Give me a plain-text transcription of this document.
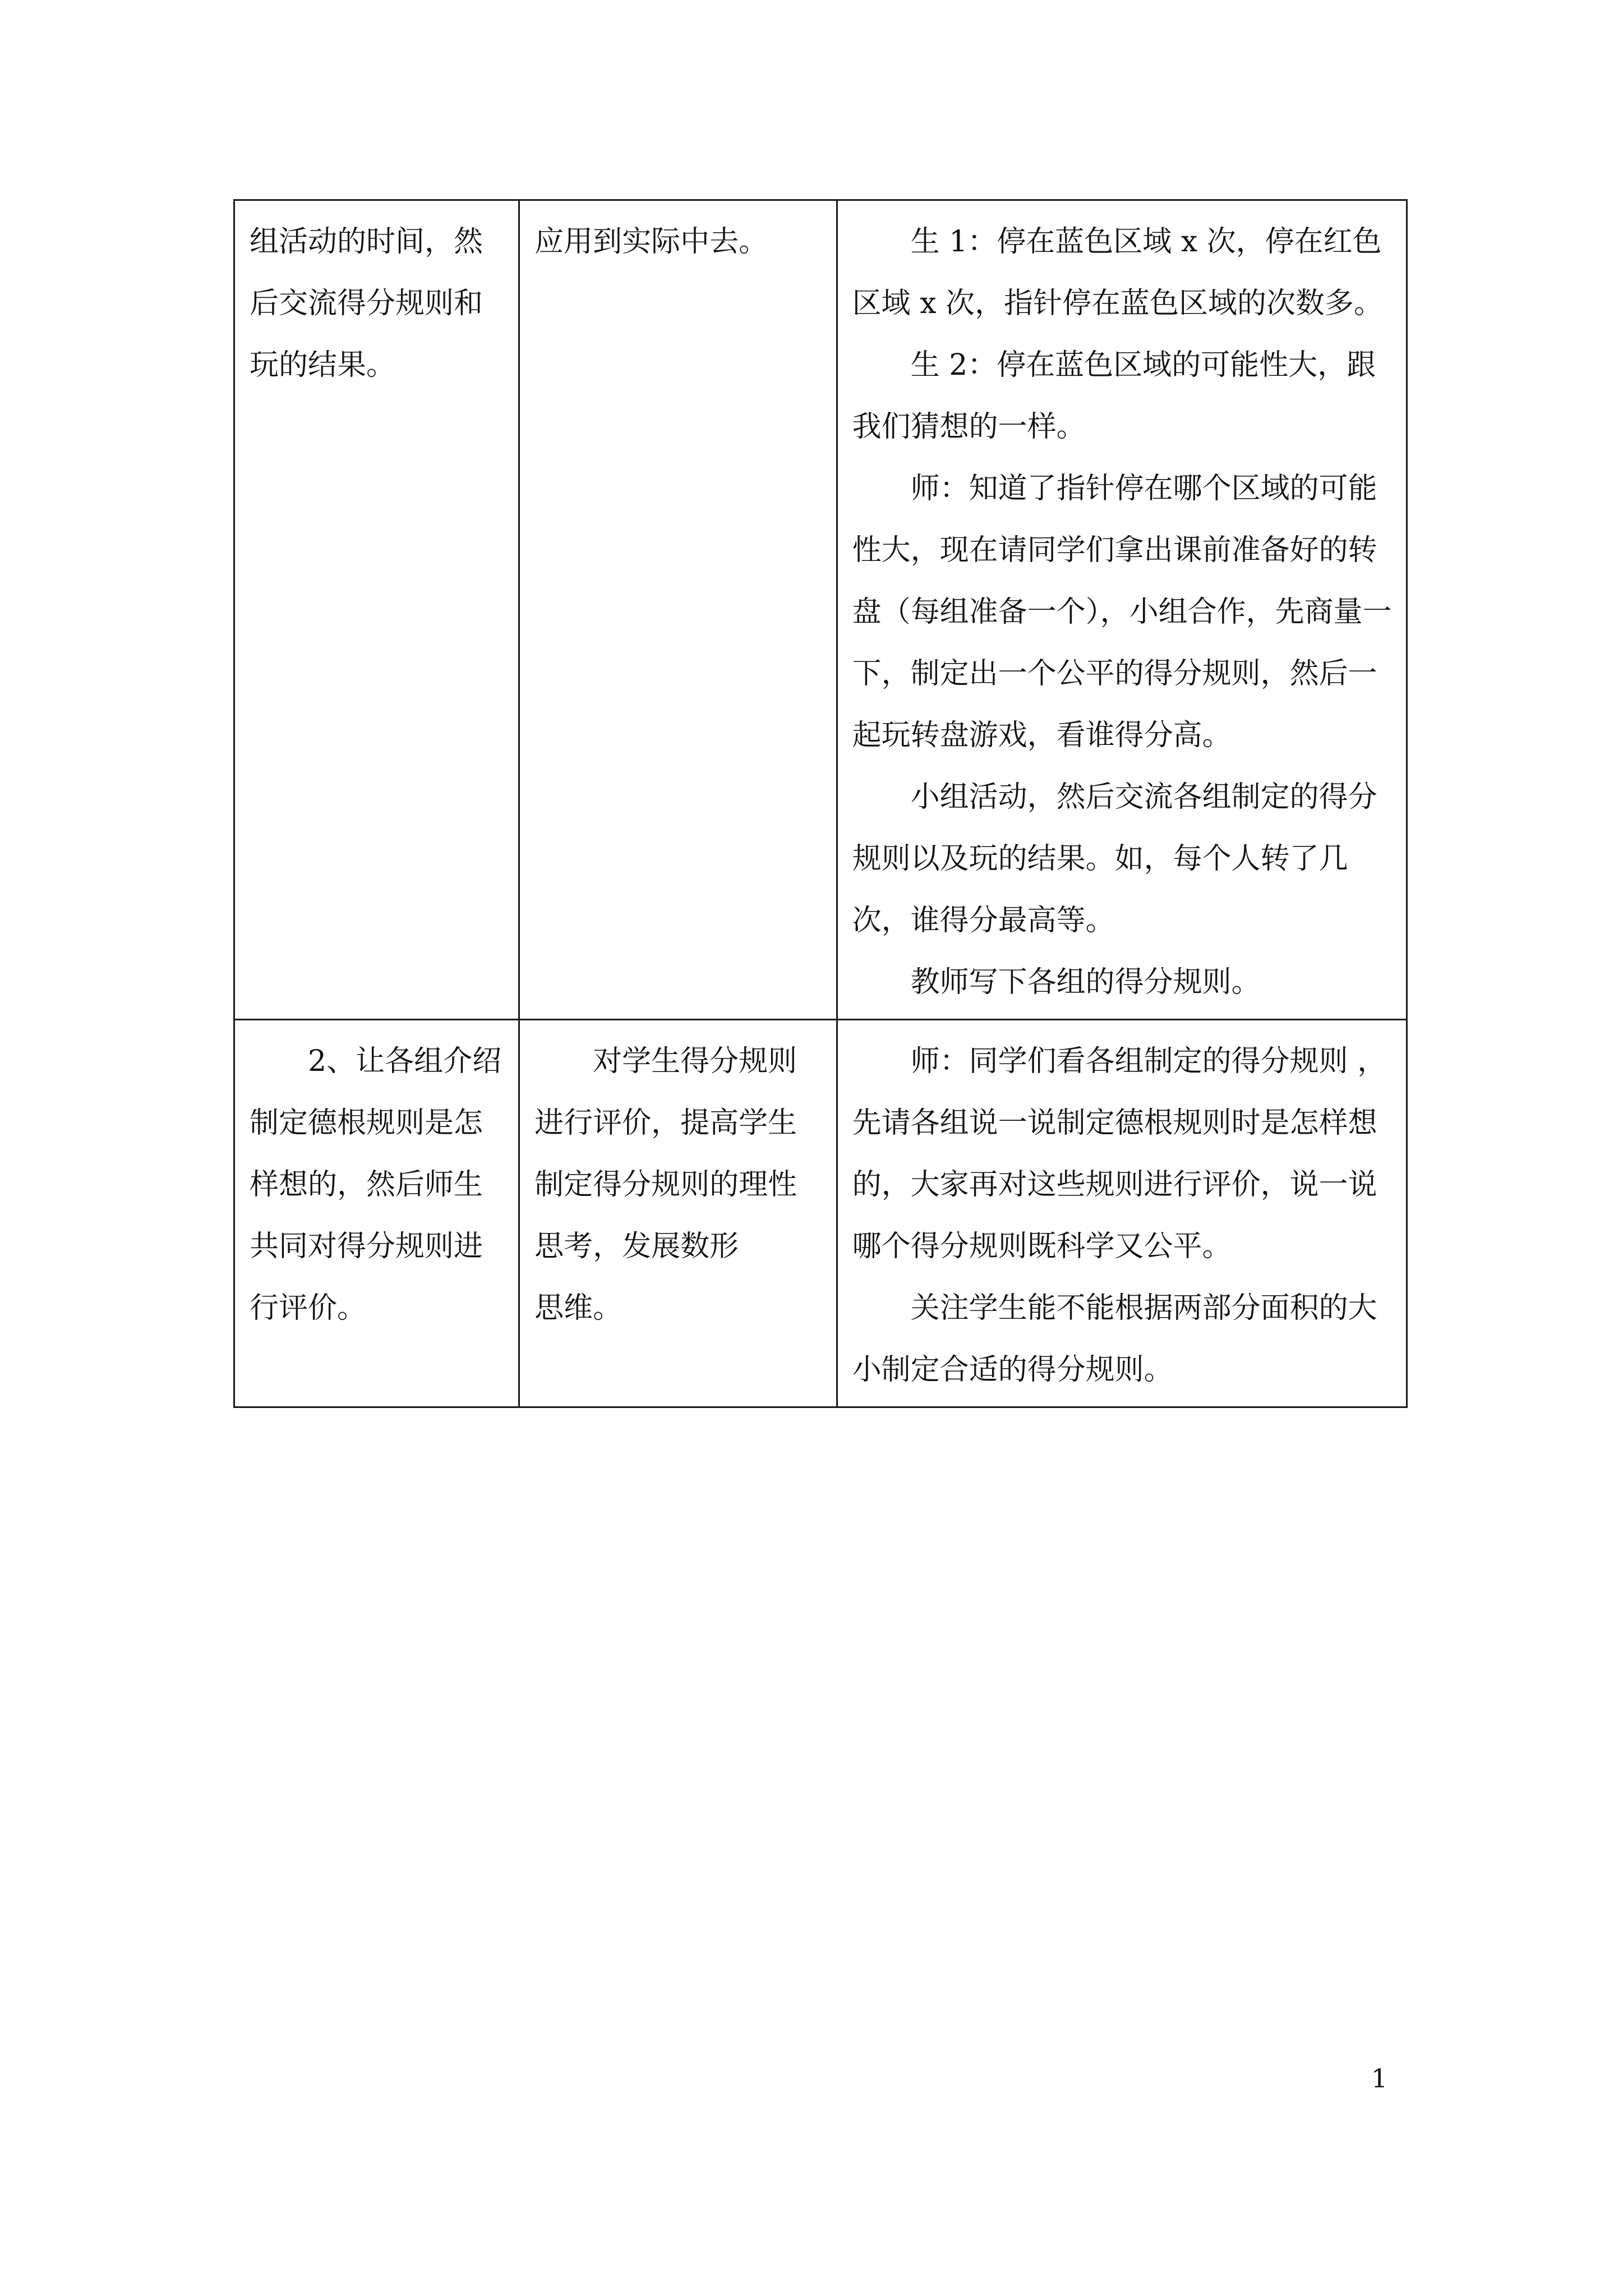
组活动的时间，然后交流得分规则和玩的结果。	应用到实际中去。	生 1：停在蓝色区域 x 次，停在红色区域 x 次，指针停在蓝色区域的次数多。

生 2：停在蓝色区域的可能性大，跟我们猜想的一样。

师：知道了指针停在哪个区域的可能性大，现在请同学们拿出课前准备好的转盘（每组准备一个），小组合作，先商量一下，制定出一个公平的得分规则，然后一起玩转盘游戏，看谁得分高。

小组活动，然后交流各组制定的得分规则以及玩的结果。如，每个人转了几次，谁得分最高等。

教师写下各组的得分规则。

2、让各组介绍制定德根规则是怎样想的，然后师生共同对得分规则进行评价。	对学生得分规则进行评价，提高学生制定得分规则的理性思考，发展数形　　思维。	师：同学们看各组制定的得分规则 ，先请各组说一说制定德根规则时是怎样想的，大家再对这些规则进行评价，说一说哪个得分规则既科学又公平。

关注学生能不能根据两部分面积的大小制定合适的得分规则。

1
